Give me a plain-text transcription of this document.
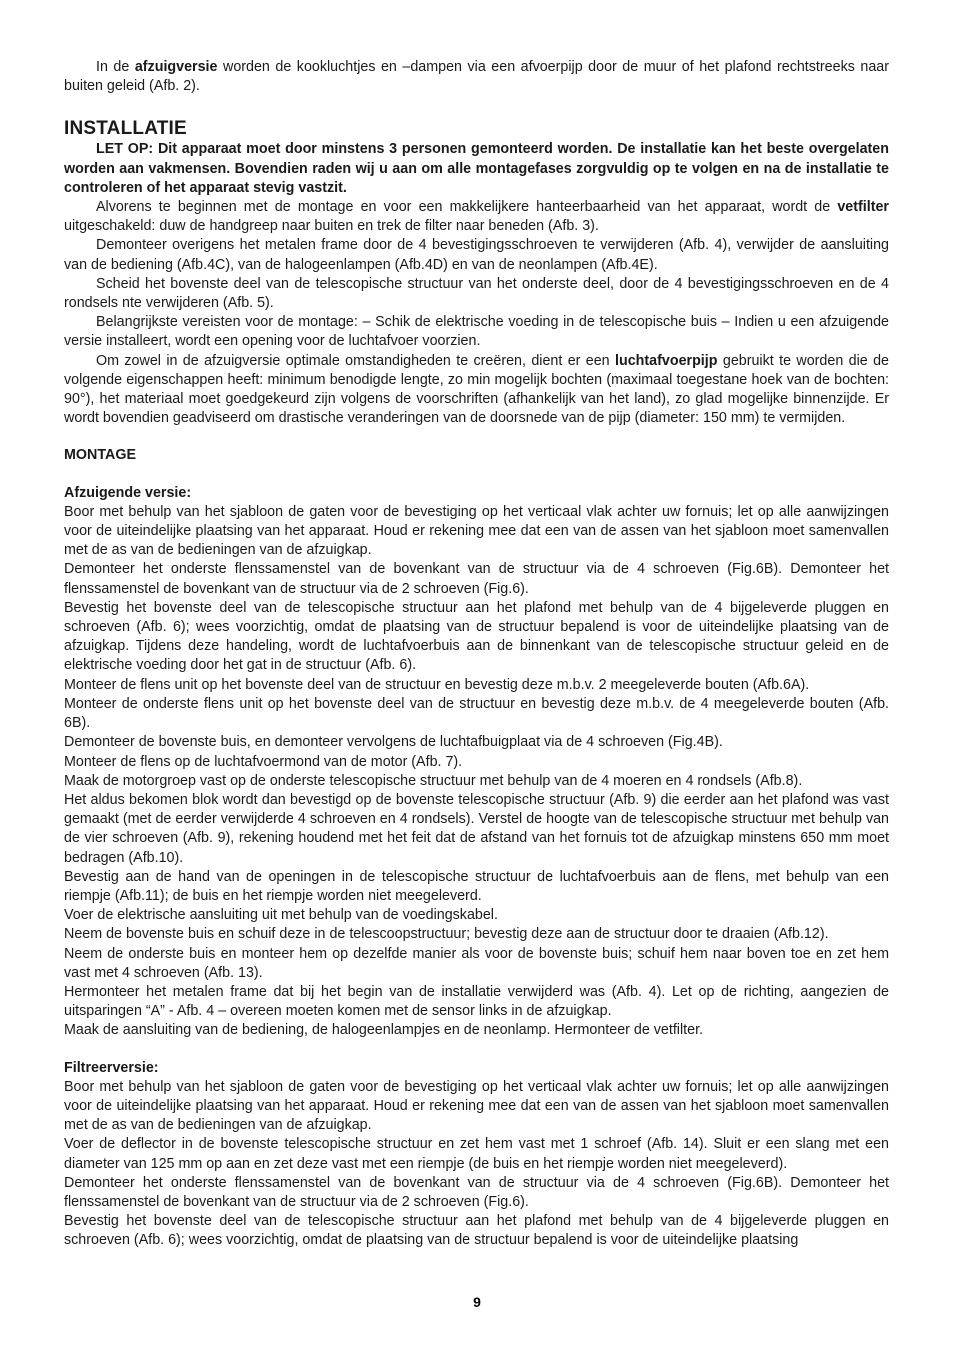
In de afzuigversie worden de kookluchtjes en –dampen via een afvoerpijp door de muur of het plafond rechtstreeks naar buiten geleid (Afb. 2).

INSTALLATIE

LET OP: Dit apparaat moet door minstens 3 personen gemonteerd worden. De installatie kan het beste overgelaten worden aan vakmensen. Bovendien raden wij u aan om alle montagefases zorgvuldig op te volgen en na de installatie te controleren of het apparaat stevig vastzit.

Alvorens te beginnen met de montage en voor een makkelijkere hanteerbaarheid van het apparaat, wordt de vetfilter uitgeschakeld: duw de handgreep naar buiten en trek de filter naar beneden (Afb. 3).

Demonteer overigens het metalen frame door de 4 bevestigingsschroeven te verwijderen (Afb. 4), verwijder de aansluiting van de bediening (Afb.4C), van de halogeenlampen (Afb.4D) en van de neonlampen (Afb.4E).

Scheid het bovenste deel van de telescopische structuur van het onderste deel, door de 4 bevestigingsschroeven en de 4 rondsels nte verwijderen (Afb. 5).

Belangrijkste vereisten voor de montage: – Schik de elektrische voeding in de telescopische buis – Indien u een afzuigende versie installeert, wordt een opening voor de luchtafvoer voorzien.

Om zowel in de afzuigversie optimale omstandigheden te creëren, dient er een luchtafvoerpijp gebruikt te worden die de volgende eigenschappen heeft: minimum benodigde lengte, zo min mogelijk bochten (maximaal toegestane hoek van de bochten: 90°), het materiaal moet goedgekeurd zijn volgens de voorschriften (afhankelijk van het land), zo glad mogelijke binnenzijde. Er wordt bovendien geadviseerd om drastische veranderingen van de doorsnede van de pijp (diameter: 150 mm) te vermijden.

MONTAGE

Afzuigende versie:

Boor met behulp van het sjabloon de gaten voor de bevestiging op het verticaal vlak achter uw fornuis; let op alle aanwijzingen voor de uiteindelijke plaatsing van het apparaat. Houd er rekening mee dat een van de assen van het sjabloon moet samenvallen met de as van de bedieningen van de afzuigkap.

Demonteer het onderste flenssamenstel van de bovenkant van de structuur via de 4 schroeven (Fig.6B). Demonteer het flenssamenstel de bovenkant van de structuur via de 2 schroeven (Fig.6).

Bevestig het bovenste deel van de telescopische structuur aan het plafond met behulp van de 4 bijgeleverde pluggen en schroeven (Afb. 6); wees voorzichtig, omdat de plaatsing van de structuur bepalend is voor de uiteindelijke plaatsing van de afzuigkap. Tijdens deze handeling, wordt de luchtafvoerbuis aan de binnenkant van de telescopische structuur geleid en de elektrische voeding door het gat in de structuur (Afb. 6).

Monteer de flens unit op het bovenste deel van de structuur en bevestig deze m.b.v. 2 meegeleverde bouten (Afb.6A).

Monteer de onderste flens unit op het bovenste deel van de structuur en bevestig deze m.b.v. de 4 meegeleverde bouten (Afb. 6B).

Demonteer de bovenste buis, en demonteer vervolgens de luchtafbuigplaat via de 4 schroeven (Fig.4B).

Monteer de flens op de luchtafvoermond van de motor (Afb. 7).

Maak de motorgroep vast op de onderste telescopische structuur met behulp van de 4 moeren en 4 rondsels (Afb.8).

Het aldus bekomen blok wordt dan bevestigd op de bovenste telescopische structuur (Afb. 9) die eerder aan het plafond was vast gemaakt (met de eerder verwijderde 4 schroeven en 4 rondsels). Verstel de hoogte van de telescopische structuur met behulp van de vier schroeven (Afb. 9), rekening houdend met het feit dat de afstand van het fornuis tot de afzuigkap minstens 650 mm moet bedragen (Afb.10).

Bevestig aan de hand van de openingen in de telescopische structuur de luchtafvoerbuis aan de flens, met behulp van een riempje (Afb.11); de buis en het riempje worden niet meegeleverd.

Voer de elektrische aansluiting uit met behulp van de voedingskabel.

Neem de bovenste buis en schuif deze in de telescoopstructuur; bevestig deze aan de structuur door te draaien (Afb.12).

Neem de onderste buis en monteer hem op dezelfde manier als voor de bovenste buis; schuif hem naar boven toe en zet hem vast met 4 schroeven (Afb. 13).

Hermonteer het metalen frame dat bij het begin van de installatie verwijderd was (Afb. 4). Let op de richting, aangezien de uitsparingen “A” - Afb. 4 – overeen moeten komen met de sensor links in de afzuigkap.

Maak de aansluiting van de bediening, de halogeenlampjes en de neonlamp. Hermonteer de vetfilter.

Filtreerversie:

Boor met behulp van het sjabloon de gaten voor de bevestiging op het verticaal vlak achter uw fornuis; let op alle aanwijzingen voor de uiteindelijke plaatsing van het apparaat. Houd er rekening mee dat een van de assen van het sjabloon moet samenvallen met de as van de bedieningen van de afzuigkap.

Voer de deflector in de bovenste telescopische structuur en zet hem vast met 1 schroef (Afb. 14). Sluit er een slang met een diameter van 125 mm op aan en zet deze vast met een riempje (de buis en het riempje worden niet meegeleverd).

Demonteer het onderste flenssamenstel van de bovenkant van de structuur via de 4 schroeven (Fig.6B). Demonteer het flenssamenstel de bovenkant van de structuur via de 2 schroeven (Fig.6).

Bevestig het bovenste deel van de telescopische structuur aan het plafond met behulp van de 4 bijgeleverde pluggen en schroeven (Afb. 6); wees voorzichtig, omdat de plaatsing van de structuur bepalend is voor de uiteindelijke plaatsing

9
